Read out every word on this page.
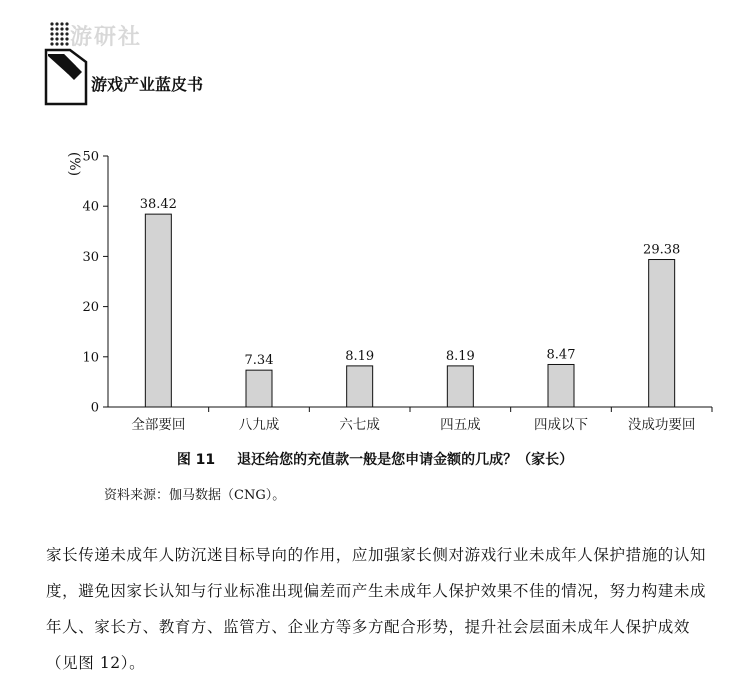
游研社
游戏产业蓝皮书
0
10
20
30
40
50
(%)
38.42
全部要回
7.34
八九成
8.19
六七成
8.19
四五成
8.47
四成以下
29.38
没成功要回
图 11 退还给您的充值款一般是您申请金额的几成？（家长）
资料来源：伽马数据（CNG）。

家长传递未成年人防沉迷目标导向的作用，应加强家长侧对游戏行业未成年人保护措施的认知度，避免因家长认知与行业标准出现偏差而产生未成年人保护效果不佳的情况，努力构建未成年人、家长方、教育方、监管方、企业方等多方配合形势，提升社会层面未成年人保护成效（见图 12）。
